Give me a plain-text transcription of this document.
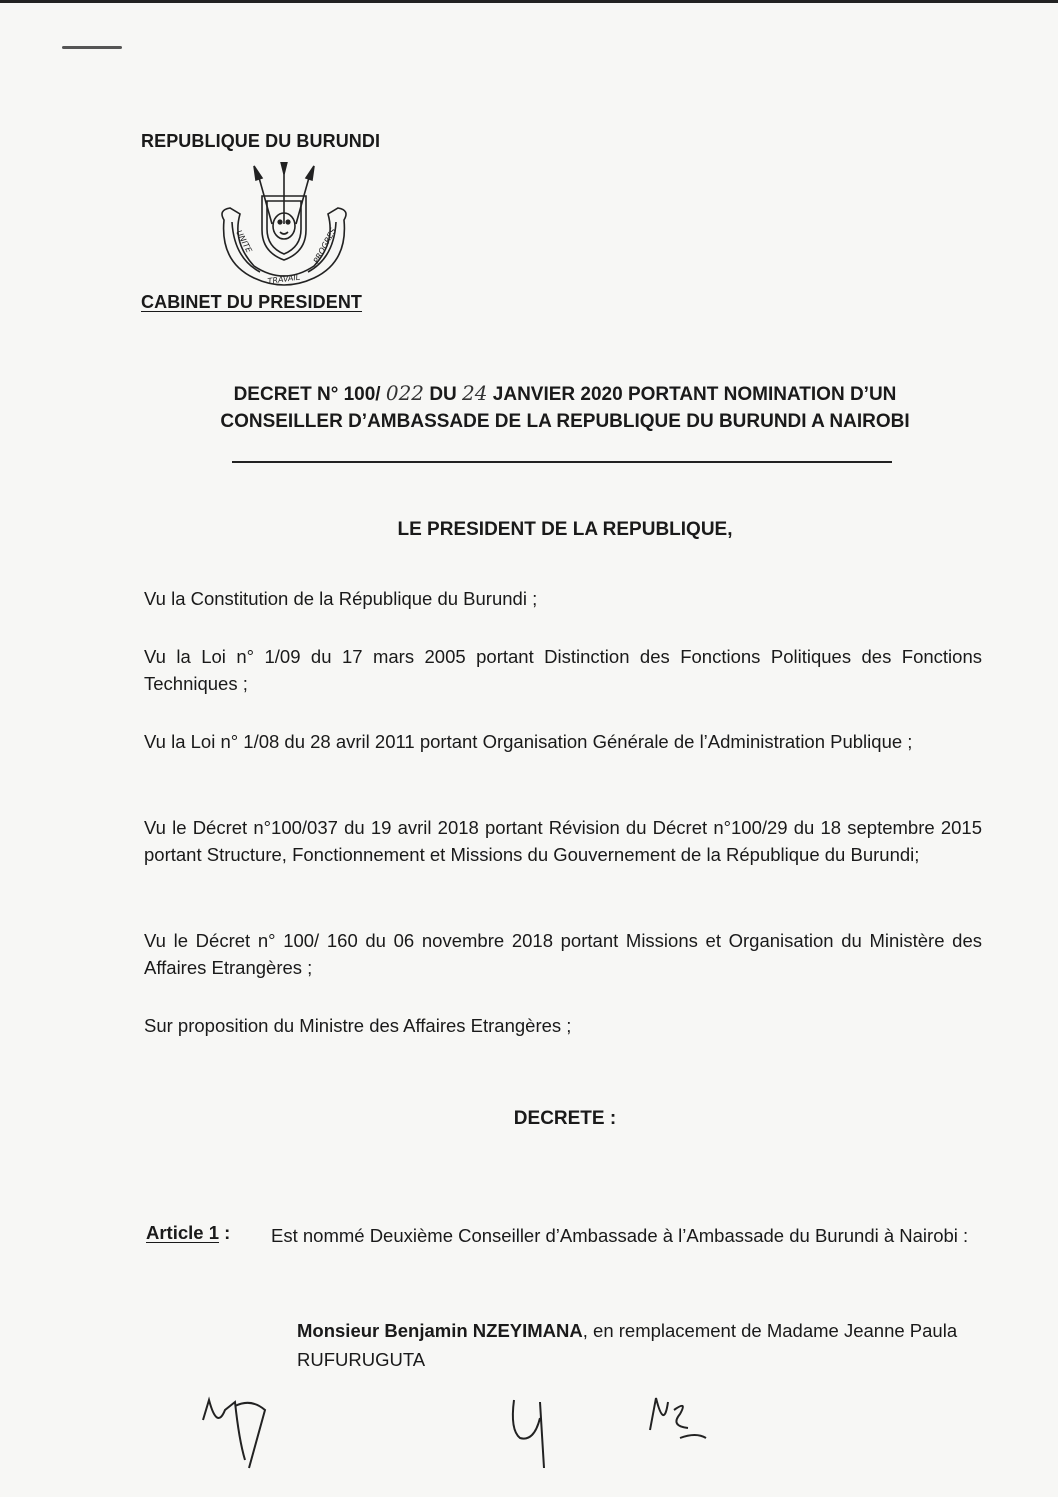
REPUBLIQUE DU BURUNDI
UNITE
TRAVAIL
PROGRES
CABINET DU PRESIDENT
DECRET N° 100/ 022 DU 24 JANVIER 2020 PORTANT NOMINATION D’UN
CONSEILLER D’AMBASSADE DE LA REPUBLIQUE DU BURUNDI A NAIROBI
LE PRESIDENT DE LA REPUBLIQUE,
Vu la Constitution de la République du Burundi ;
Vu la Loi n° 1/09 du 17 mars 2005 portant Distinction des Fonctions Politiques des Fonctions Techniques ;
Vu la Loi n° 1/08 du 28 avril 2011 portant Organisation Générale de l’Administration Publique ;
Vu le Décret n°100/037 du 19 avril 2018 portant Révision du Décret n°100/29 du 18 septembre 2015 portant Structure, Fonctionnement et Missions du Gouvernement de la République du Burundi;
Vu le Décret n° 100/ 160 du 06 novembre 2018 portant Missions et Organisation du Ministère des Affaires Etrangères ;
Sur proposition du Ministre des Affaires Etrangères ;
DECRETE :
Article 1 : Est nommé Deuxième Conseiller d’Ambassade à l’Ambassade du Burundi à Nairobi :
Monsieur Benjamin NZEYIMANA, en remplacement de Madame Jeanne Paula RUFURUGUTA
